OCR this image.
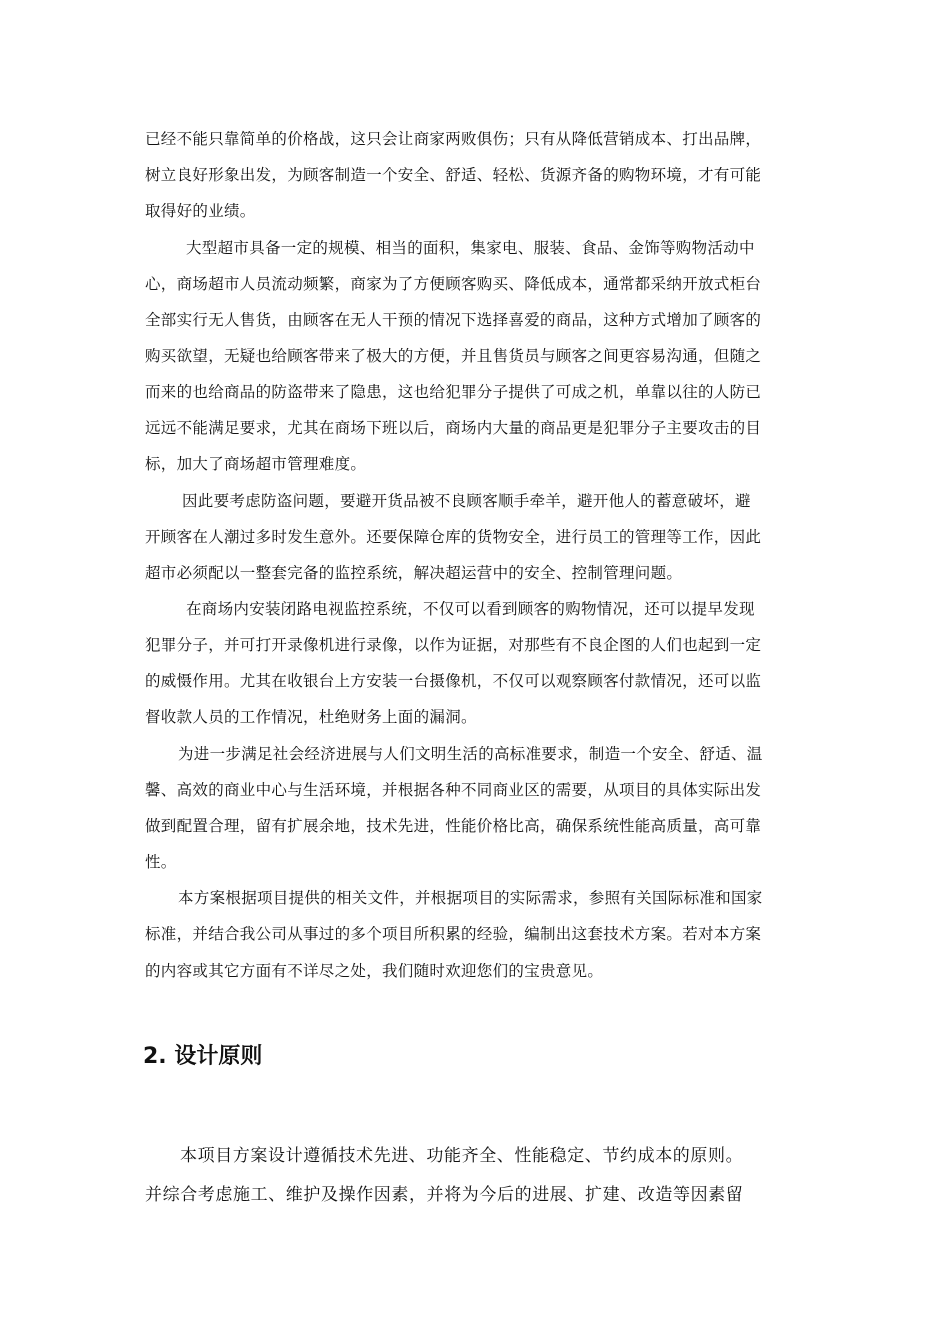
已经不能只靠简单的价格战，这只会让商家两败俱伤；只有从降低营销成本、打出品牌，
树立良好形象出发，为顾客制造一个安全、舒适、轻松、货源齐备的购物环境，才有可能
取得好的业绩。
大型超市具备一定的规模、相当的面积，集家电、服装、食品、金饰等购物活动中
心，商场超市人员流动频繁，商家为了方便顾客购买、降低成本，通常都采纳开放式柜台
全部实行无人售货，由顾客在无人干预的情况下选择喜爱的商品，这种方式增加了顾客的
购买欲望，无疑也给顾客带来了极大的方便，并且售货员与顾客之间更容易沟通，但随之
而来的也给商品的防盗带来了隐患，这也给犯罪分子提供了可成之机，单靠以往的人防已
远远不能满足要求，尤其在商场下班以后，商场内大量的商品更是犯罪分子主要攻击的目
标，加大了商场超市管理难度。
因此要考虑防盗问题，要避开货品被不良顾客顺手牵羊，避开他人的蓄意破坏，避
开顾客在人潮过多时发生意外。还要保障仓库的货物安全，进行员工的管理等工作，因此
超市必须配以一整套完备的监控系统，解决超运营中的安全、控制管理问题。
在商场内安装闭路电视监控系统，不仅可以看到顾客的购物情况，还可以提早发现
犯罪分子，并可打开录像机进行录像，以作为证据，对那些有不良企图的人们也起到一定
的威慑作用。尤其在收银台上方安装一台摄像机，不仅可以观察顾客付款情况，还可以监
督收款人员的工作情况，杜绝财务上面的漏洞。
为进一步满足社会经济进展与人们文明生活的高标准要求，制造一个安全、舒适、温
馨、高效的商业中心与生活环境，并根据各种不同商业区的需要，从项目的具体实际出发
做到配置合理，留有扩展余地，技术先进，性能价格比高，确保系统性能高质量，高可靠
性。
本方案根据项目提供的相关文件，并根据项目的实际需求，参照有关国际标准和国家
标准，并结合我公司从事过的多个项目所积累的经验，编制出这套技术方案。若对本方案
的内容或其它方面有不详尽之处，我们随时欢迎您们的宝贵意见。
2. 设计原则
本项目方案设计遵循技术先进、功能齐全、性能稳定、节约成本的原则。
并综合考虑施工、维护及操作因素，并将为今后的进展、扩建、改造等因素留
